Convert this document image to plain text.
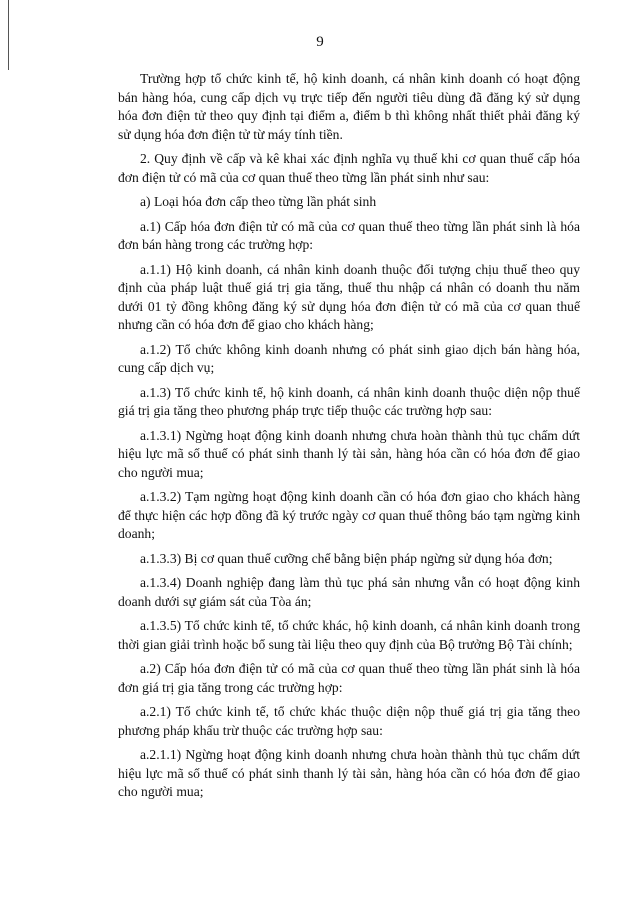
9

Trường hợp tổ chức kinh tế, hộ kinh doanh, cá nhân kinh doanh có hoạt động bán hàng hóa, cung cấp dịch vụ trực tiếp đến người tiêu dùng đã đăng ký sử dụng hóa đơn điện tử theo quy định tại điểm a, điểm b thì không nhất thiết phải đăng ký sử dụng hóa đơn điện tử từ máy tính tiền.

2. Quy định về cấp và kê khai xác định nghĩa vụ thuế khi cơ quan thuế cấp hóa đơn điện tử có mã của cơ quan thuế theo từng lần phát sinh như sau:

a) Loại hóa đơn cấp theo từng lần phát sinh

a.1) Cấp hóa đơn điện tử có mã của cơ quan thuế theo từng lần phát sinh là hóa đơn bán hàng trong các trường hợp:

a.1.1) Hộ kinh doanh, cá nhân kinh doanh thuộc đối tượng chịu thuế theo quy định của pháp luật thuế giá trị gia tăng, thuế thu nhập cá nhân có doanh thu năm dưới 01 tỷ đồng không đăng ký sử dụng hóa đơn điện tử có mã của cơ quan thuế nhưng cần có hóa đơn để giao cho khách hàng;

a.1.2) Tổ chức không kinh doanh nhưng có phát sinh giao dịch bán hàng hóa, cung cấp dịch vụ;

a.1.3) Tổ chức kinh tế, hộ kinh doanh, cá nhân kinh doanh thuộc diện nộp thuế giá trị gia tăng theo phương pháp trực tiếp thuộc các trường hợp sau:

a.1.3.1) Ngừng hoạt động kinh doanh nhưng chưa hoàn thành thủ tục chấm dứt hiệu lực mã số thuế có phát sinh thanh lý tài sản, hàng hóa cần có hóa đơn để giao cho người mua;

a.1.3.2) Tạm ngừng hoạt động kinh doanh cần có hóa đơn giao cho khách hàng để thực hiện các hợp đồng đã ký trước ngày cơ quan thuế thông báo tạm ngừng kinh doanh;

a.1.3.3) Bị cơ quan thuế cưỡng chế bằng biện pháp ngừng sử dụng hóa đơn;

a.1.3.4) Doanh nghiệp đang làm thủ tục phá sản nhưng vẫn có hoạt động kinh doanh dưới sự giám sát của Tòa án;

a.1.3.5) Tổ chức kinh tế, tổ chức khác, hộ kinh doanh, cá nhân kinh doanh trong thời gian giải trình hoặc bổ sung tài liệu theo quy định của Bộ trưởng Bộ Tài chính;

a.2) Cấp hóa đơn điện tử có mã của cơ quan thuế theo từng lần phát sinh là hóa đơn giá trị gia tăng trong các trường hợp:

a.2.1) Tổ chức kinh tế, tổ chức khác thuộc diện nộp thuế giá trị gia tăng theo phương pháp khấu trừ thuộc các trường hợp sau:

a.2.1.1) Ngừng hoạt động kinh doanh nhưng chưa hoàn thành thủ tục chấm dứt hiệu lực mã số thuế có phát sinh thanh lý tài sản, hàng hóa cần có hóa đơn để giao cho người mua;
